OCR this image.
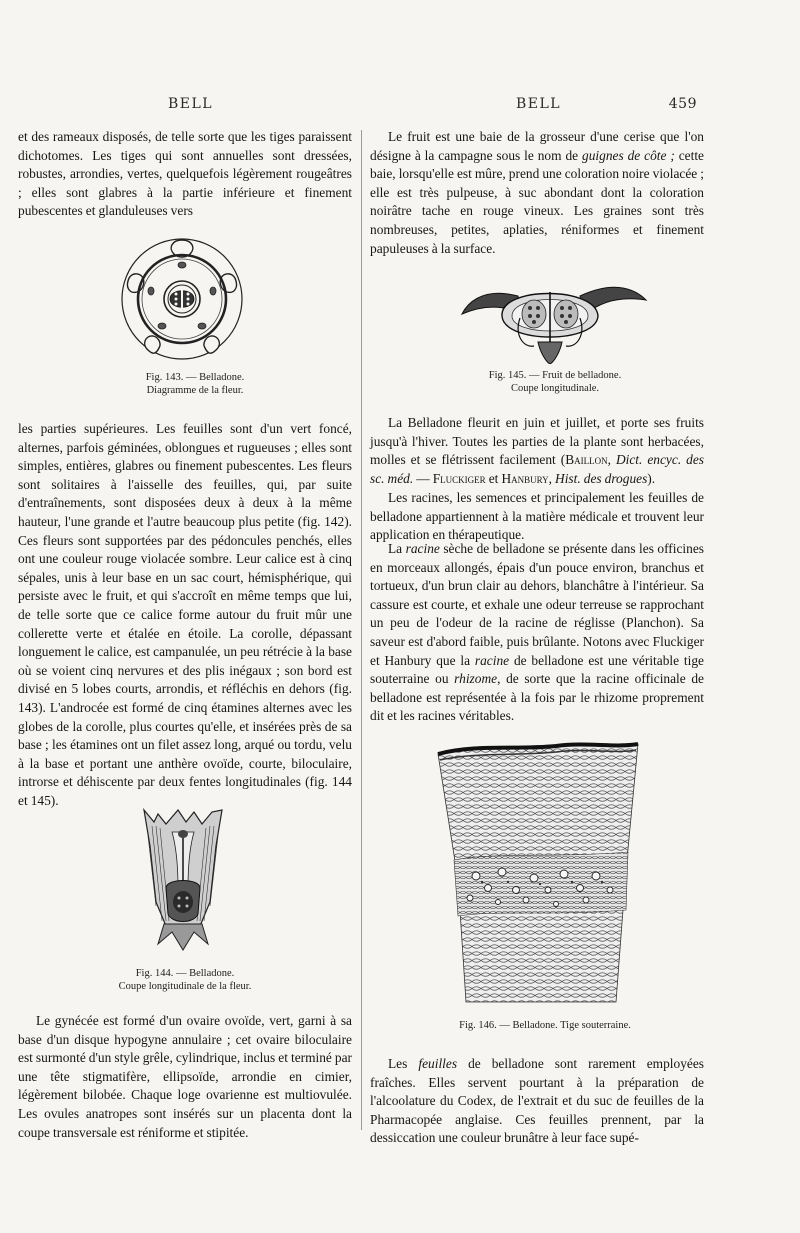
BELL	BELL	459

et des rameaux disposés, de telle sorte que les tiges paraissent dichotomes. Les tiges qui sont annuelles sont dressées, robustes, arrondies, vertes, quelquefois légèrement rougeâtres ; elles sont glabres à la partie inférieure et finement pubescentes et glanduleuses vers

Fig. 143. — Belladone.
Diagramme de la fleur.

les parties supérieures. Les feuilles sont d'un vert foncé, alternes, parfois géminées, oblongues et rugueuses ; elles sont simples, entières, glabres ou finement pubescentes. Les fleurs sont solitaires à l'aisselle des feuilles, qui, par suite d'entraînements, sont disposées deux à deux à la même hauteur, l'une grande et l'autre beaucoup plus petite (fig. 142). Ces fleurs sont supportées par des pédoncules penchés, elles ont une couleur rouge violacée sombre. Leur calice est à cinq sépales, unis à leur base en un sac court, hémisphérique, qui persiste avec le fruit, et qui s'accroît en même temps que lui, de telle sorte que ce calice forme autour du fruit mûr une collerette verte et étalée en étoile. La corolle, dépassant longuement le calice, est campanulée, un peu rétrécie à la base où se voient cinq nervures et des plis inégaux ; son bord est divisé en 5 lobes courts, arrondis, et réfléchis en dehors (fig. 143). L'androcée est formé de cinq étamines alternes avec les globes de la corolle, plus courtes qu'elle, et insérées près de sa base ; les étamines ont un filet assez long, arqué ou tordu, velu à la base et portant une anthère ovoïde, courte, biloculaire, introrse et déhiscente par deux fentes longitudinales (fig. 144 et 145).

Fig. 144. — Belladone.
Coupe longitudinale de la fleur.

Le gynécée est formé d'un ovaire ovoïde, vert, garni à sa base d'un disque hypogyne annulaire ; cet ovaire biloculaire est surmonté d'un style grêle, cylindrique, inclus et terminé par une tête stigmatifère, ellipsoïde, arrondie en cimier, légèrement bilobée. Chaque loge ovarienne est multiovulée. Les ovules anatropes sont insérés sur un placenta dont la coupe transversale est réniforme et stipitée.

Le fruit est une baie de la grosseur d'une cerise que l'on désigne à la campagne sous le nom de guignes de côte ; cette baie, lorsqu'elle est mûre, prend une coloration noire violacée ; elle est très pulpeuse, à suc abondant dont la coloration noirâtre tache en rouge vineux. Les graines sont très nombreuses, petites, aplaties, réniformes et finement papuleuses à la surface.

Fig. 145. — Fruit de belladone.
Coupe longitudinale.

La Belladone fleurit en juin et juillet, et porte ses fruits jusqu'à l'hiver. Toutes les parties de la plante sont herbacées, molles et se flétrissent facilement (Baillon, Dict. encyc. des sc. méd. — Fluckiger et Hanbury, Hist. des drogues).

Les racines, les semences et principalement les feuilles de belladone appartiennent à la matière médicale et trouvent leur application en thérapeutique.

La racine sèche de belladone se présente dans les officines en morceaux allongés, épais d'un pouce environ, branchus et tortueux, d'un brun clair au dehors, blanchâtre à l'intérieur. Sa cassure est courte, et exhale une odeur terreuse se rapprochant un peu de l'odeur de la racine de réglisse (Planchon). Sa saveur est d'abord faible, puis brûlante. Notons avec Fluckiger et Hanbury que la racine de belladone est une véritable tige souterraine ou rhizome, de sorte que la racine officinale de belladone est représentée à la fois par le rhizome proprement dit et les racines véritables.

Fig. 146. — Belladone. Tige souterraine.

Les feuilles de belladone sont rarement employées fraîches. Elles servent pourtant à la préparation de l'alcoolature du Codex, de l'extrait et du suc de feuilles de la Pharmacopée anglaise. Ces feuilles prennent, par la dessiccation une couleur brunâtre à leur face supé-
